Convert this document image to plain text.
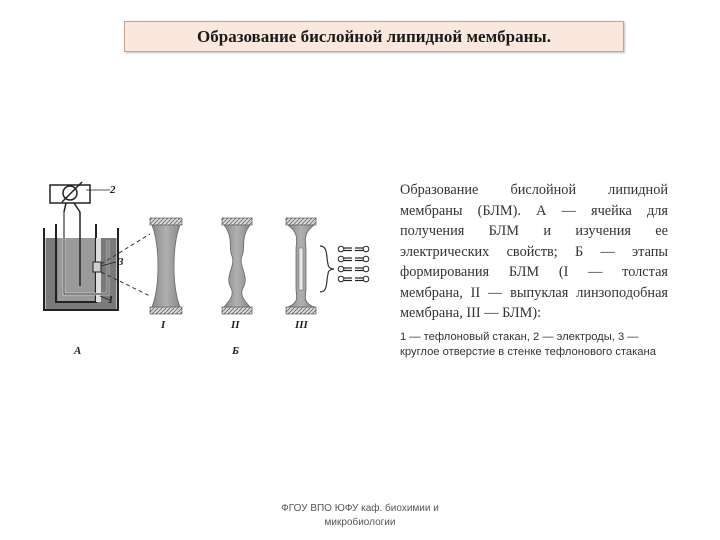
Образование бислойной липидной мембраны.
2
3
1
А
I	II
Б
III
Образование бислойной липидной мембраны (БЛМ). А — ячейка для получения БЛМ и изучения ее электрических свойств; Б — этапы формирования БЛМ (I — толстая мембрана, II — выпуклая линзоподобная мембрана, III — БЛМ):
1 — тефлоновый стакан, 2 — электроды, 3 — круглое отверстие в стенке тефлонового стакана
ФГОУ ВПО ЮФУ каф. биохимии и
микробиологии
